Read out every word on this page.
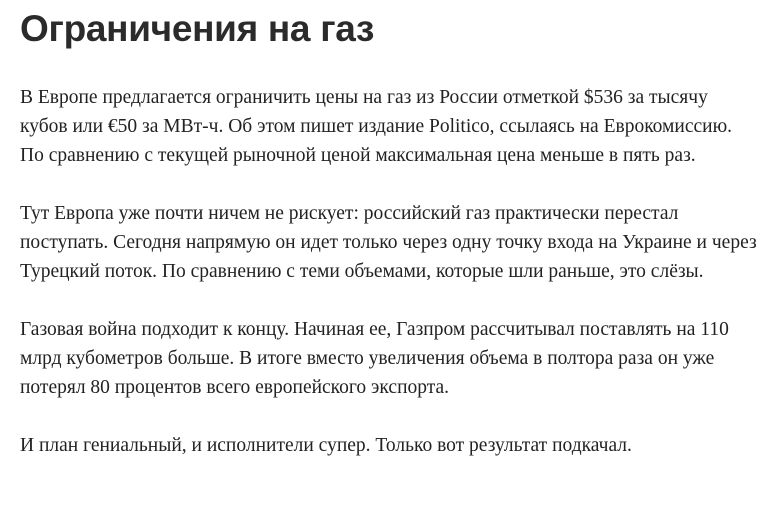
Ограничения на газ

В Европе предлагается ограничить цены на газ из России отметкой $536 за тысячу кубов или €50 за МВт-ч. Об этом пишет издание Politico, ссылаясь на Еврокомиссию. По сравнению с текущей рыночной ценой максимальная цена меньше в пять раз.

Тут Европа уже почти ничем не рискует: российский газ практически перестал поступать. Сегодня напрямую он идет только через одну точку входа на Украине и через Турецкий поток. По сравнению с теми объемами, которые шли раньше, это слёзы.

Газовая война подходит к концу. Начиная ее, Газпром рассчитывал поставлять на 110 млрд кубометров больше. В итоге вместо увеличения объема в полтора раза он уже потерял 80 процентов всего европейского экспорта.

И план гениальный, и исполнители супер. Только вот результат подкачал.
